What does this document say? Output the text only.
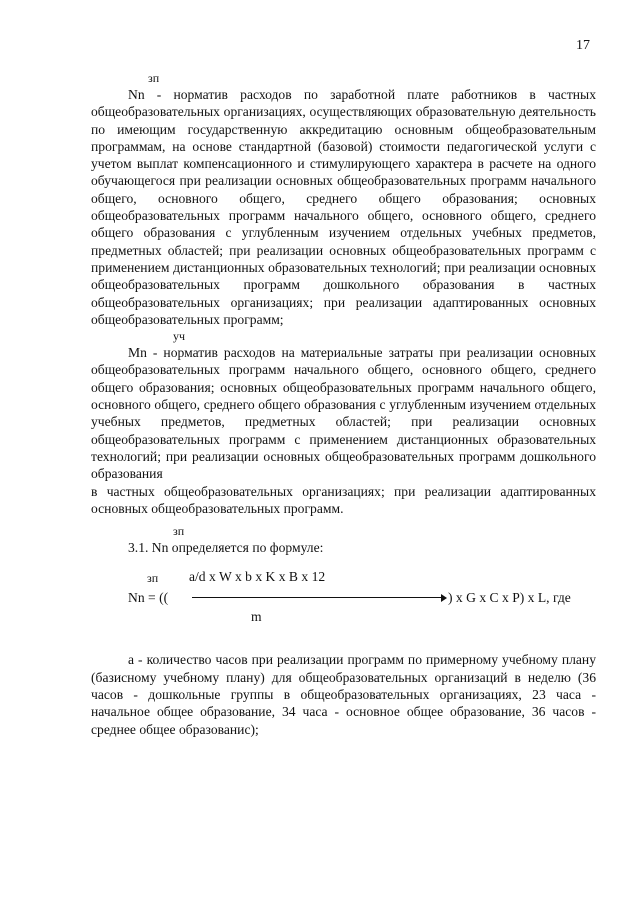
17
зп

Nn - норматив расходов по заработной плате работников в частных общеобразовательных организациях, осуществляющих образовательную деятельность по имеющим государственную аккредитацию основным общеобразовательным программам, на основе стандартной (базовой) стоимости педагогической услуги с учетом выплат компенсационного и стимулирующего характера в расчете на одного обучающегося при реализации основных общеобразовательных программ начального общего, основного общего, среднего общего образования; основных общеобразовательных программ начального общего, основного общего, среднего общего образования с углубленным изучением отдельных учебных предметов, предметных областей; при реализации основных общеобразовательных программ с применением дистанционных образовательных технологий; при реализации основных общеобразовательных программ дошкольного образования в частных общеобразовательных организациях; при реализации адаптированных основных общеобразовательных программ;

уч

Mn - норматив расходов на материальные затраты при реализации основных общеобразовательных программ начального общего, основного общего, среднего общего образования; основных общеобразовательных программ начального общего, основного общего, среднего общего образования с углубленным изучением отдельных учебных предметов, предметных областей; при реализации основных общеобразовательных программ с применением дистанционных образовательных технологий; при реализации основных общеобразовательных программ дошкольного образования

в частных общеобразовательных организациях; при реализации адаптированных основных общеобразовательных программ.

зп

3.1. Nn определяется по формуле:

зп a/d x W x b x K x B x 12
Nn = ((	) x G x C x P) x L, где
m

а - количество часов при реализации программ по примерному учебному плану (базисному учебному плану) для общеобразовательных организаций в неделю (36 часов - дошкольные группы в общеобразовательных организациях, 23 часа - начальное общее образование, 34 часа - основное общее образование, 36 часов - среднее общее образованис);
